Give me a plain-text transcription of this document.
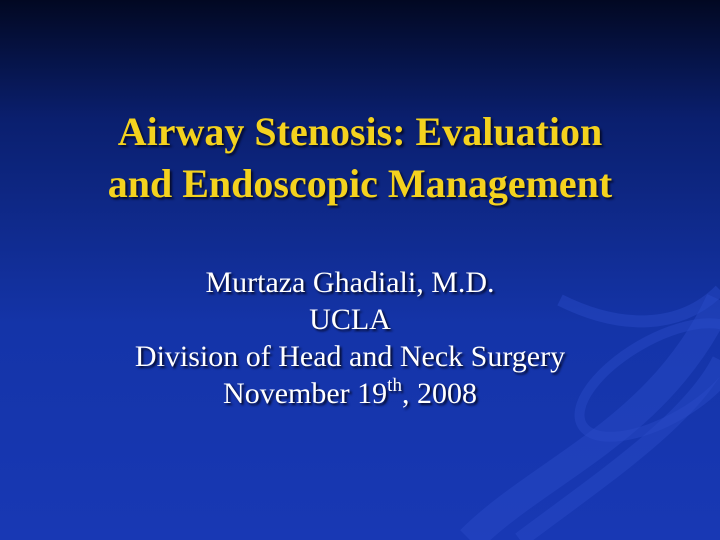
Airway Stenosis: Evaluation
and Endoscopic Management
Murtaza Ghadiali, M.D.
UCLA
Division of Head and Neck Surgery
November 19th, 2008
